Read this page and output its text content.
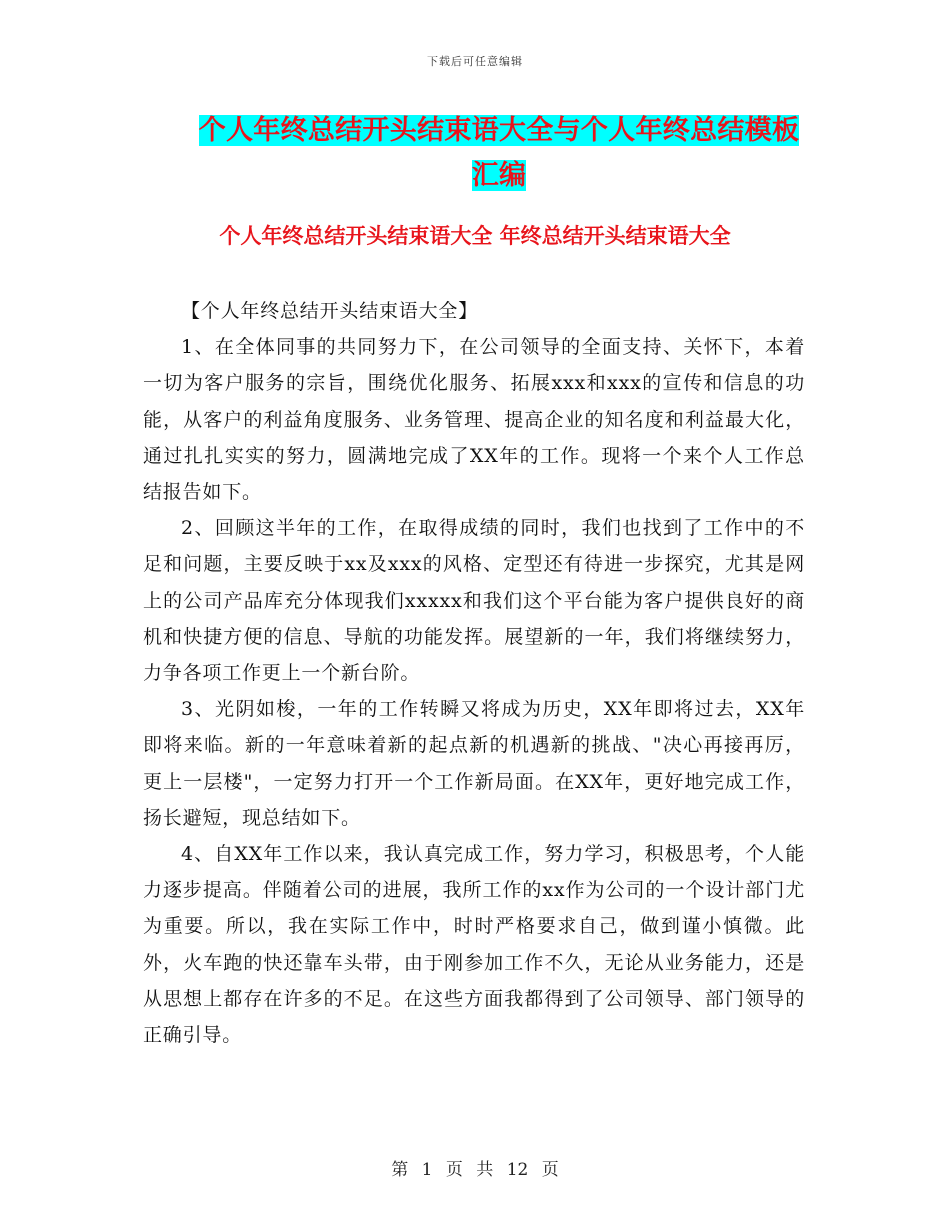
下载后可任意编辑
个人年终总结开头结束语大全与个人年终总结模板汇编
个人年终总结开头结束语大全 年终总结开头结束语大全

【个人年终总结开头结束语大全】

1、在全体同事的共同努力下，在公司领导的全面支持、关怀下，本着一切为客户服务的宗旨，围绕优化服务、拓展xxx和xxx的宣传和信息的功能，从客户的利益角度服务、业务管理、提高企业的知名度和利益最大化，通过扎扎实实的努力，圆满地完成了XX年的工作。现将一个来个人工作总结报告如下。

2、回顾这半年的工作，在取得成绩的同时，我们也找到了工作中的不足和问题，主要反映于xx及xxx的风格、定型还有待进一步探究，尤其是网上的公司产品库充分体现我们xxxxx和我们这个平台能为客户提供良好的商机和快捷方便的信息、导航的功能发挥。展望新的一年，我们将继续努力，力争各项工作更上一个新台阶。

3、光阴如梭，一年的工作转瞬又将成为历史，XX年即将过去，XX年即将来临。新的一年意味着新的起点新的机遇新的挑战、"决心再接再厉，更上一层楼"，一定努力打开一个工作新局面。在XX年，更好地完成工作，扬长避短，现总结如下。

4、自XX年工作以来，我认真完成工作，努力学习，积极思考，个人能力逐步提高。伴随着公司的进展，我所工作的xx作为公司的一个设计部门尤为重要。所以，我在实际工作中，时时严格要求自己，做到谨小慎微。此外，火车跑的快还靠车头带，由于刚参加工作不久，无论从业务能力，还是从思想上都存在许多的不足。在这些方面我都得到了公司领导、部门领导的正确引导。

第 1 页 共 12 页
